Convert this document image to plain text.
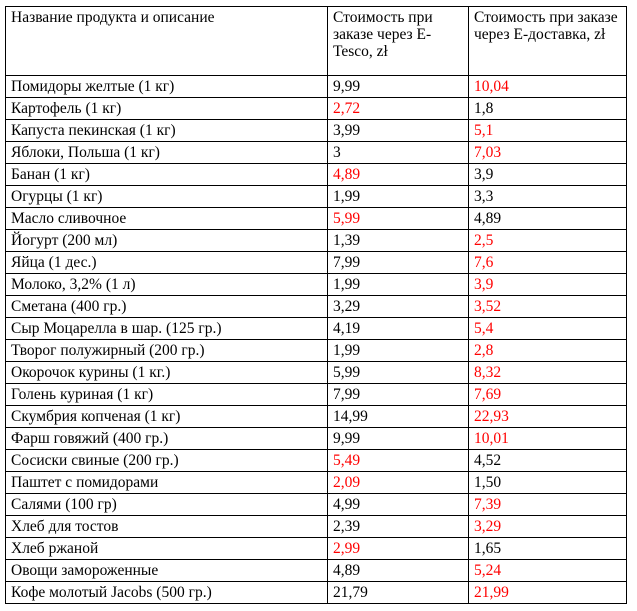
Название продукта и описание	Стоимость при заказе через E-Tesco, zł	Стоимость при заказе через E-доставка, zł
Помидоры желтые (1 кг)	9,99	10,04
Картофель (1 кг)	2,72	1,8
Капуста пекинская (1 кг)	3,99	5,1
Яблоки, Польша (1 кг)	3	7,03
Банан (1 кг)	4,89	3,9
Огурцы (1 кг)	1,99	3,3
Масло сливочное	5,99	4,89
Йогурт (200 мл)	1,39	2,5
Яйца (1 дес.)	7,99	7,6
Молоко, 3,2% (1 л)	1,99	3,9
Сметана (400 гр.)	3,29	3,52
Сыр Моцарелла в шар. (125 гр.)	4,19	5,4
Творог полужирный (200 гр.)	1,99	2,8
Окорочок курины (1 кг.)	5,99	8,32
Голень куриная (1 кг)	7,99	7,69
Скумбрия копченая (1 кг)	14,99	22,93
Фарш говяжий (400 гр.)	9,99	10,01
Сосиски свиные (200 гр.)	5,49	4,52
Паштет с помидорами	2,09	1,50
Салями (100 гр)	4,99	7,39
Хлеб для тостов	2,39	3,29
Хлеб ржаной	2,99	1,65
Овощи замороженные	4,89	5,24
Кофе молотый Jacobs (500 гр.)	21,79	21,99
